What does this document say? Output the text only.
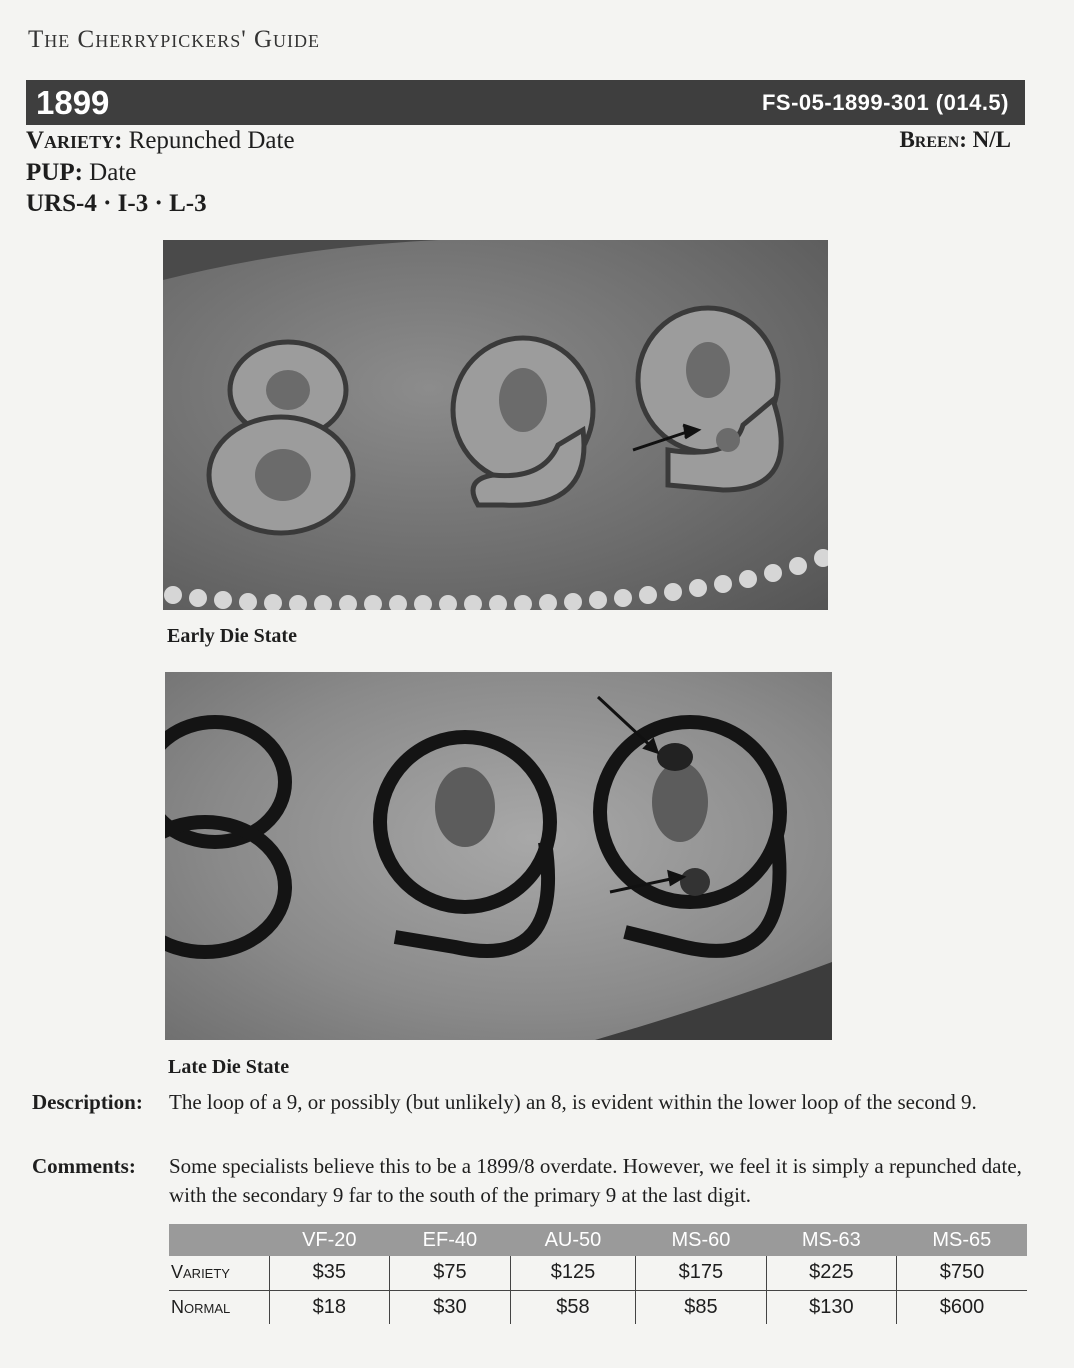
The Cherrypickers' Guide
1899	FS-05-1899-301 (014.5)
Variety: Repunched Date
PUP: Date
URS-4 · I-3 · L-3
Breen: N/L
Early Die State
Late Die State
Description: The loop of a 9, or possibly (but unlikely) an 8, is evident within the lower loop of the second 9.
Comments: Some specialists believe this to be a 1899/8 overdate. However, we feel it is simply a repunched date, with the secondary 9 far to the south of the primary 9 at the last digit.
	VF-20	EF-40	AU-50	MS-60	MS-63	MS-65
Variety	$35	$75	$125	$175	$225	$750
Normal	$18	$30	$58	$85	$130	$600
